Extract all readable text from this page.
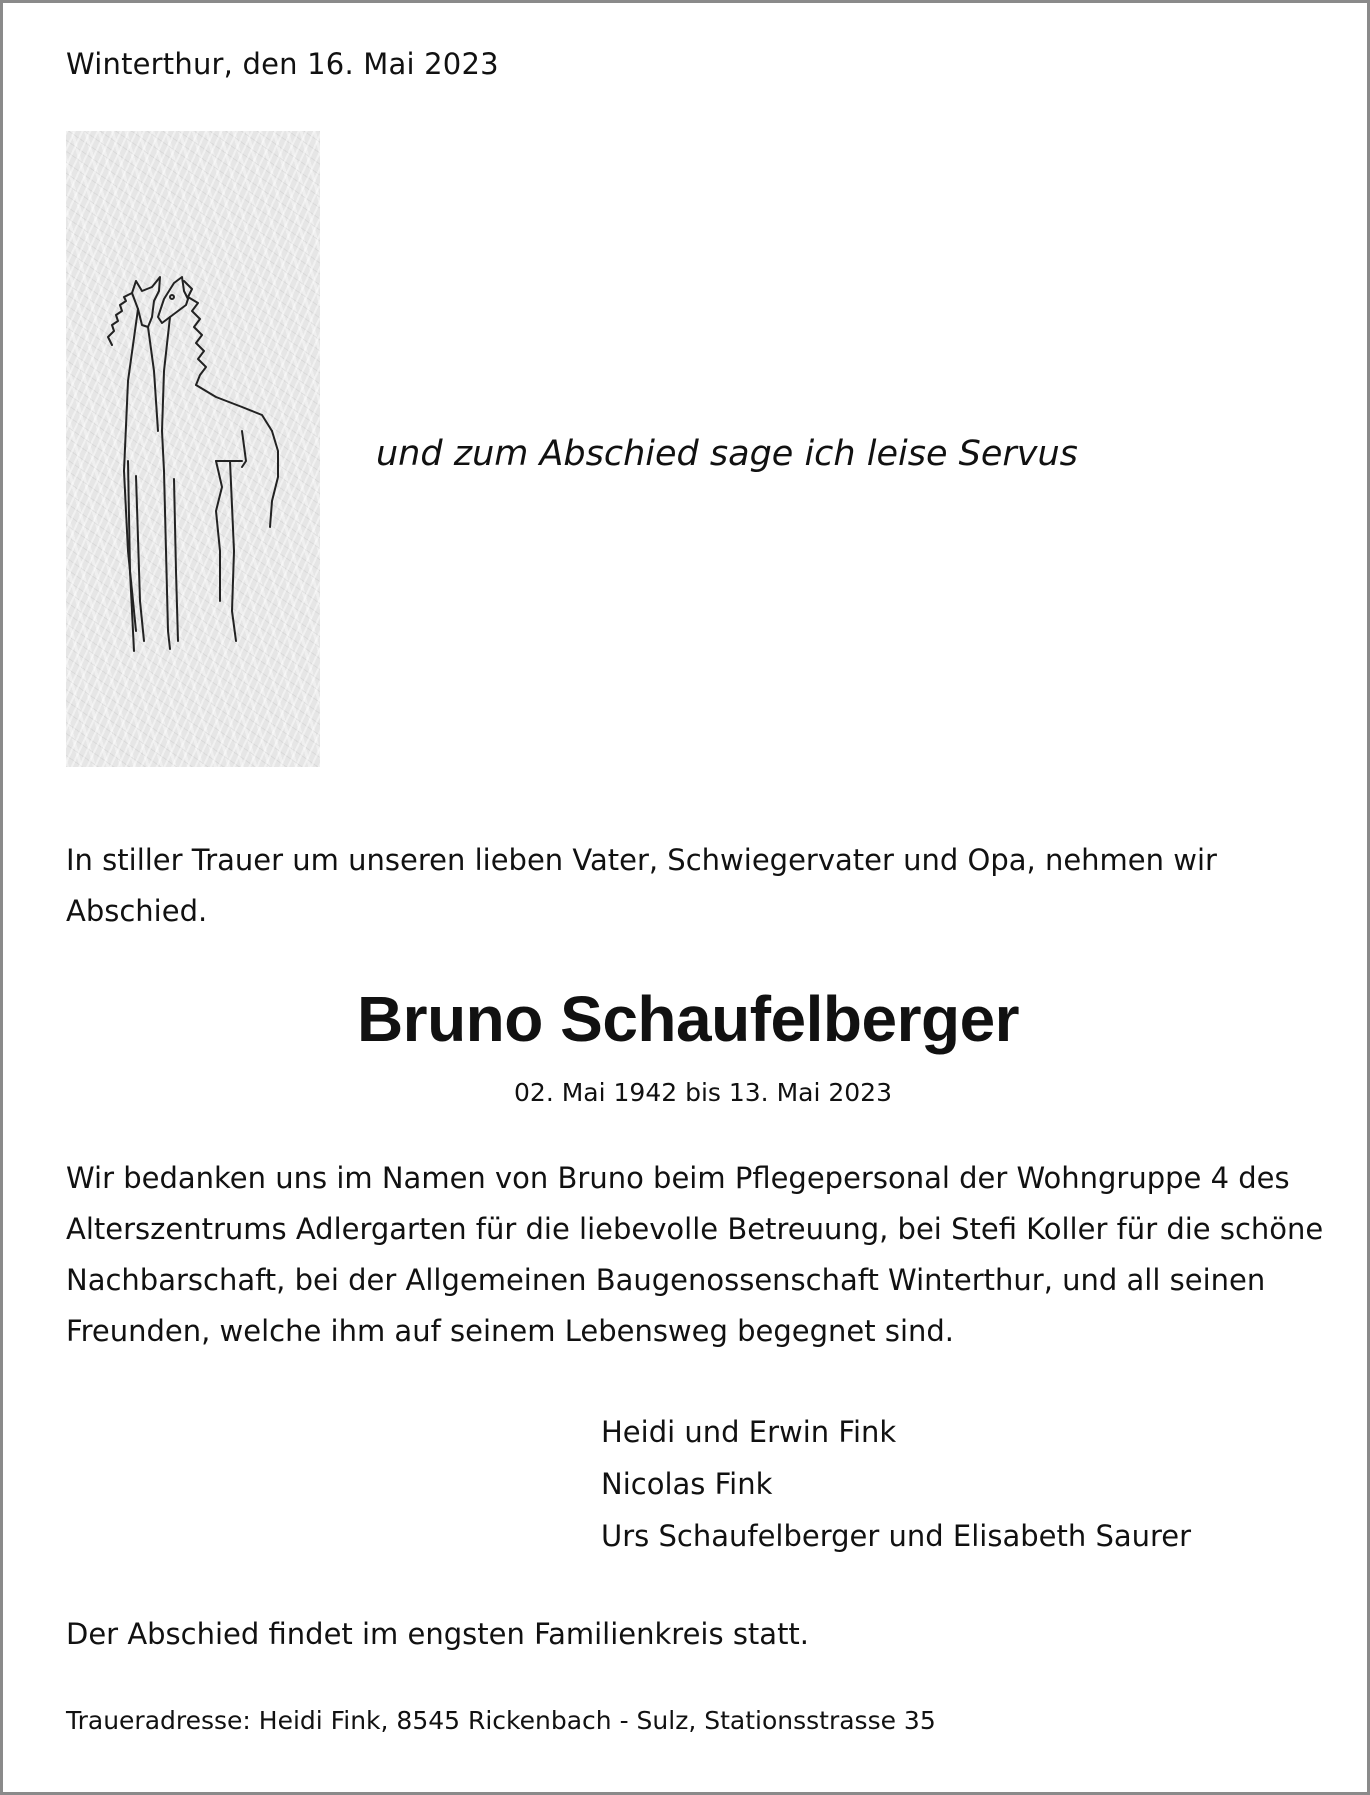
Winterthur, den 16. Mai 2023
und zum Abschied sage ich leise Servus
In stiller Trauer um unseren lieben Vater, Schwiegervater und Opa, nehmen wir Abschied.
Bruno Schaufelberger
02. Mai 1942 bis 13. Mai 2023
Wir bedanken uns im Namen von Bruno beim Pflegepersonal der Wohngruppe 4 des Alterszentrums Adlergarten für die liebevolle Betreuung, bei Stefi Koller für die schöne Nachbarschaft, bei der Allgemeinen Baugenossenschaft Winterthur, und all seinen Freunden, welche ihm auf seinem Lebensweg begegnet sind.
Heidi und Erwin Fink
Nicolas Fink
Urs Schaufelberger und Elisabeth Saurer
Der Abschied findet im engsten Familienkreis statt.
Traueradresse: Heidi Fink, 8545 Rickenbach - Sulz, Stationsstrasse 35
